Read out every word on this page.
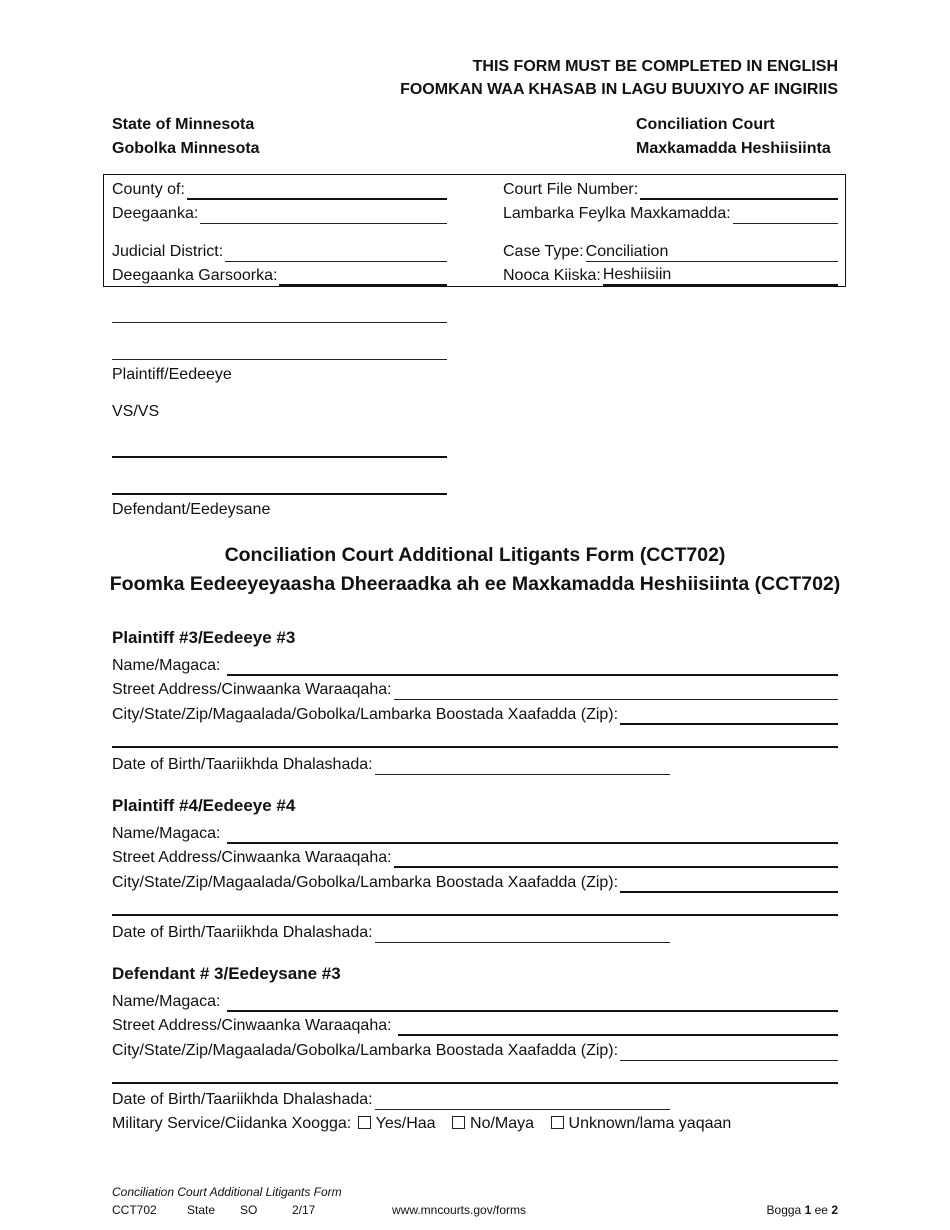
THIS FORM MUST BE COMPLETED IN ENGLISH
FOOMKAN WAA KHASAB IN LAGU BUUXIYO AF INGIRIIS
State of Minnesota
Gobolka Minnesota
Conciliation Court
Maxkamadda Heshiisiinta
County of:
Deegaanka:
Judicial District:
Deegaanka Garsoorka:
Court File Number:
Lambarka Feylka Maxkamadda:
Case Type: Conciliation
Nooca Kiiska: Heshiisiin
Plaintiff/Eedeeye
VS/VS
Defendant/Eedeysane
Conciliation Court Additional Litigants Form (CCT702)
Foomka Eedeeyeyaasha Dheeraadka ah ee Maxkamadda Heshiisiinta (CCT702)
Plaintiff #3/Eedeeye #3
Name/Magaca:
Street Address/Cinwaanka Waraaqaha:
City/State/Zip/Magaalada/Gobolka/Lambarka Boostada Xaafadda (Zip):
Date of Birth/Taariikhda Dhalashada:
Plaintiff #4/Eedeeye #4
Name/Magaca:
Street Address/Cinwaanka Waraaqaha:
City/State/Zip/Magaalada/Gobolka/Lambarka Boostada Xaafadda (Zip):
Date of Birth/Taariikhda Dhalashada:
Defendant # 3/Eedeysane #3
Name/Magaca:
Street Address/Cinwaanka Waraaqaha:
City/State/Zip/Magaalada/Gobolka/Lambarka Boostada Xaafadda (Zip):
Date of Birth/Taariikhda Dhalashada:
Military Service/Ciidanka Xoogga: Yes/Haa No/Maya Unknown/lama yaqaan
Conciliation Court Additional Litigants Form
CCT702	State SO	2/17	www.mncourts.gov/forms	Bogga 1 ee 2
